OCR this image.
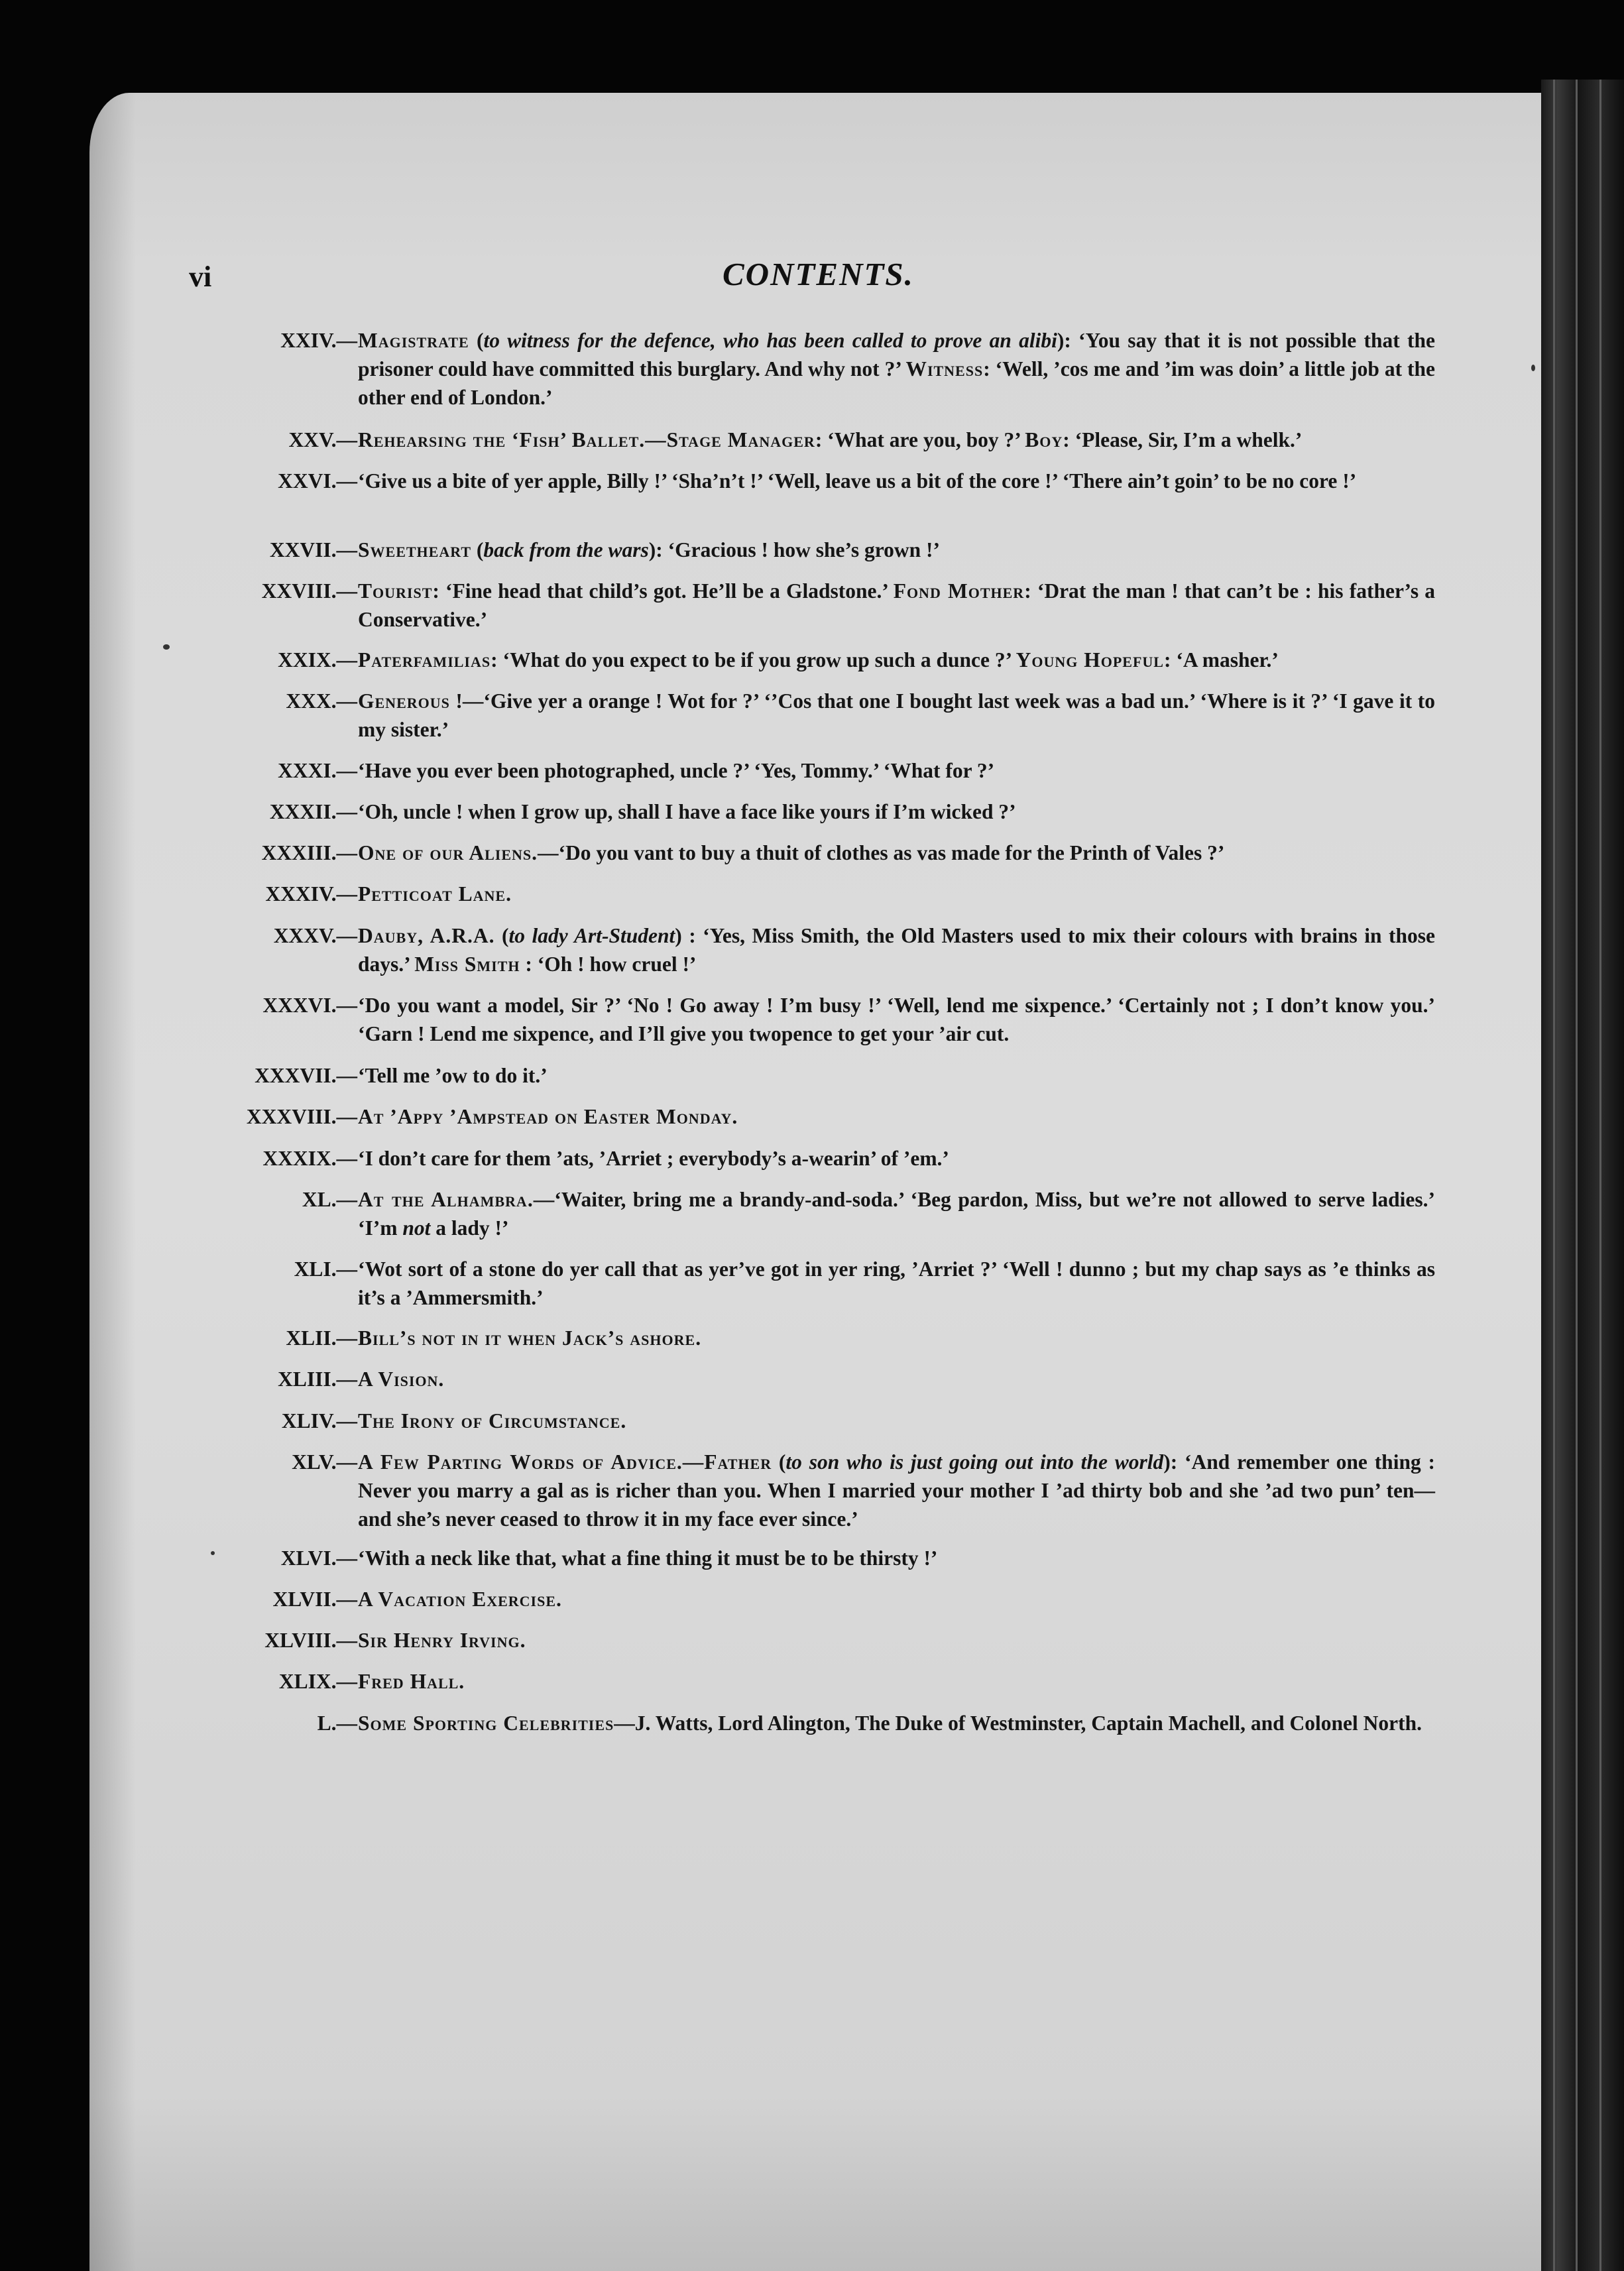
vi	CONTENTS.
XXIV.— Magistrate (to witness for the defence, who has been called to prove an alibi): ‘You say that it is not possible that the prisoner could have committed this burglary. And why not ?’ Witness: ‘Well, ’cos me and ’im was doin’ a little job at the other end of London.’
XXV.— Rehearsing the ‘Fish’ Ballet.—Stage Manager: ‘What are you, boy ?’ Boy: ‘Please, Sir, I’m a whelk.’
XXVI.— ‘Give us a bite of yer apple, Billy !’ ‘Sha’n’t !’ ‘Well, leave us a bit of the core !’ ‘There ain’t goin’ to be no core !’
XXVII.— Sweetheart (back from the wars): ‘Gracious ! how she’s grown !’
XXVIII.— Tourist: ‘Fine head that child’s got. He’ll be a Gladstone.’ Fond Mother: ‘Drat the man ! that can’t be : his father’s a Conservative.’
XXIX.— Paterfamilias: ‘What do you expect to be if you grow up such a dunce ?’ Young Hopeful: ‘A masher.’
XXX.— Generous !—‘Give yer a orange ! Wot for ?’ ‘’Cos that one I bought last week was a bad un.’ ‘Where is it ?’ ‘I gave it to my sister.’
XXXI.— ‘Have you ever been photographed, uncle ?’ ‘Yes, Tommy.’ ‘What for ?’
XXXII.— ‘Oh, uncle ! when I grow up, shall I have a face like yours if I’m wicked ?’
XXXIII.— One of our Aliens.—‘Do you vant to buy a thuit of clothes as vas made for the Printh of Vales ?’
XXXIV.— Petticoat Lane.
XXXV.— Dauby, A.R.A. (to lady Art-Student) : ‘Yes, Miss Smith, the Old Masters used to mix their colours with brains in those days.’ Miss Smith : ‘Oh ! how cruel !’
XXXVI.— ‘Do you want a model, Sir ?’ ‘No ! Go away ! I’m busy !’ ‘Well, lend me sixpence.’ ‘Certainly not ; I don’t know you.’ ‘Garn ! Lend me sixpence, and I’ll give you twopence to get your ’air cut.
XXXVII.— ‘Tell me ’ow to do it.’
XXXVIII.— At ’Appy ’Ampstead on Easter Monday.
XXXIX.— ‘I don’t care for them ’ats, ’Arriet ; everybody’s a-wearin’ of ’em.’
XL.— At the Alhambra.—‘Waiter, bring me a brandy-and-soda.’ ‘Beg pardon, Miss, but we’re not allowed to serve ladies.’ ‘I’m not a lady !’
XLI.— ‘Wot sort of a stone do yer call that as yer’ve got in yer ring, ’Arriet ?’ ‘Well ! dunno ; but my chap says as ’e thinks as it’s a ’Ammersmith.’
XLII.— Bill’s not in it when Jack’s ashore.
XLIII.— A Vision.
XLIV.— The Irony of Circumstance.
XLV.— A Few Parting Words of Advice.—Father (to son who is just going out into the world): ‘And remember one thing : Never you marry a gal as is richer than you. When I married your mother I ’ad thirty bob and she ’ad two pun’ ten—and she’s never ceased to throw it in my face ever since.’
XLVI.— ‘With a neck like that, what a fine thing it must be to be thirsty !’
XLVII.— A Vacation Exercise.
XLVIII.— Sir Henry Irving.
XLIX.— Fred Hall.
L.— Some Sporting Celebrities—J. Watts, Lord Alington, The Duke of Westminster, Captain Machell, and Colonel North.
